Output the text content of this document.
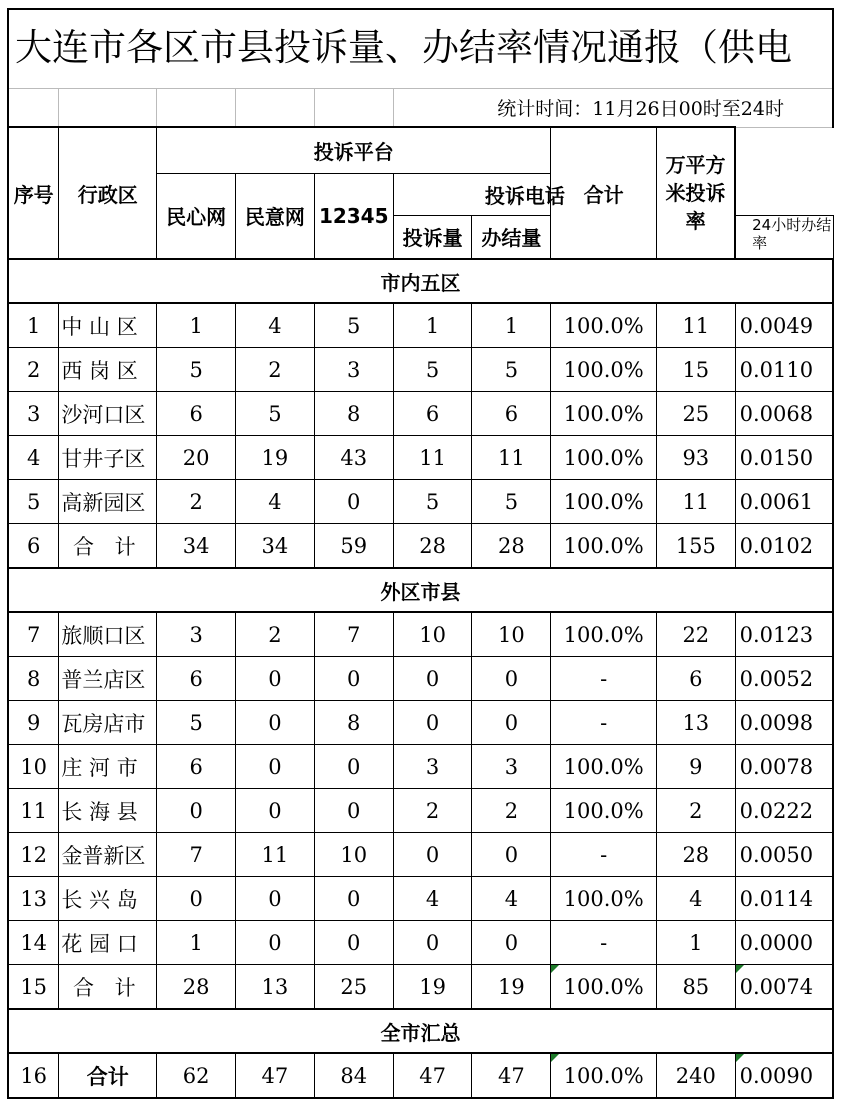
大连市各区市县投诉量、办结率情况通报（供电
					统计时间：11月26日00时至24时				
序号	行政区	投诉平台					合计	万平方米投诉率	
		民心网	民意网	12345	投诉电话				
					投诉量	办结量			24小时办结率
市内五区									
1	中 山 区	1	4	5	1	1	100.0%	11	0.0049
2	西 岗 区	5	2	3	5	5	100.0%	15	0.0110
3	沙河口区	6	5	8	6	6	100.0%	25	0.0068
4	甘井子区	20	19	43	11	11	100.0%	93	0.0150
5	高新园区	2	4	0	5	5	100.0%	11	0.0061
6	合 计	34	34	59	28	28	100.0%	155	0.0102
外区市县									
7	旅顺口区	3	2	7	10	10	100.0%	22	0.0123
8	普兰店区	6	0	0	0	0	-	6	0.0052
9	瓦房店市	5	0	8	0	0	-	13	0.0098
10	庄 河 市	6	0	0	3	3	100.0%	9	0.0078
11	长 海 县	0	0	0	2	2	100.0%	2	0.0222
12	金普新区	7	11	10	0	0	-	28	0.0050
13	长 兴 岛	0	0	0	4	4	100.0%	4	0.0114
14	花 园 口	1	0	0	0	0	-	1	0.0000
15	合 计	28	13	25	19	19	100.0%	85	0.0074
全市汇总									
16	合计	62	47	84	47	47	100.0%	240	0.0090
